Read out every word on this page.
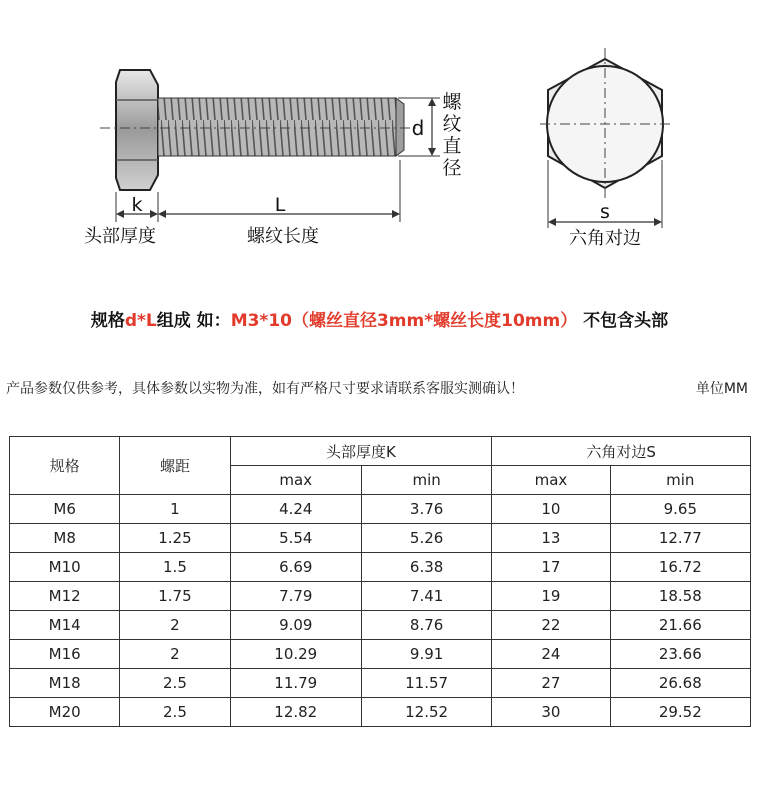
d
螺
纹
直
径
k	L
头部厚度	螺纹长度
s
六角对边
规格d*L组成 如：M3*10（螺丝直径3mm*螺丝长度10mm） 不包含头部
产品参数仅供参考，具体参数以实物为准，如有严格尺寸要求请联系客服实测确认！	单位MM
规格	螺距	头部厚度K		六角对边S	
		max	min	max	min
M6	1	4.24	3.76	10	9.65
M8	1.25	5.54	5.26	13	12.77
M10	1.5	6.69	6.38	17	16.72
M12	1.75	7.79	7.41	19	18.58
M14	2	9.09	8.76	22	21.66
M16	2	10.29	9.91	24	23.66
M18	2.5	11.79	11.57	27	26.68
M20	2.5	12.82	12.52	30	29.52
